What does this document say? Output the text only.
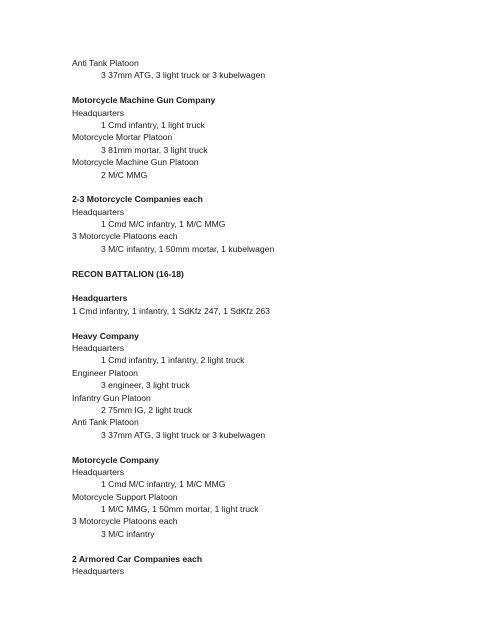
Anti Tank Platoon
3 37mm ATG, 3 light truck or 3 kubelwagen
Motorcycle Machine Gun Company
Headquarters
1 Cmd infantry, 1 light truck
Motorcycle Mortar Platoon
3 81mm mortar, 3 light truck
Motorcycle Machine Gun Platoon
2 M/C MMG
2-3 Motorcycle Companies each
Headquarters
1 Cmd M/C infantry, 1 M/C MMG
3 Motorcycle Platoons each
3 M/C infantry, 1 50mm mortar, 1 kubelwagen
RECON BATTALION (16-18)
Headquarters
1 Cmd infantry, 1 infantry, 1 SdKfz 247, 1 SdKfz 263
Heavy Company
Headquarters
1 Cmd infantry, 1 infantry, 2 light truck
Engineer Platoon
3 engineer, 3 light truck
Infantry Gun Platoon
2 75mm IG, 2 light truck
Anti Tank Platoon
3 37mm ATG, 3 light truck or 3 kubelwagen
Motorcycle Company
Headquarters
1 Cmd M/C infantry, 1 M/C MMG
Motorcycle Support Platoon
1 M/C MMG, 1 50mm mortar, 1 light truck
3 Motorcycle Platoons each
3 M/C infantry
2 Armored Car Companies each
Headquarters
